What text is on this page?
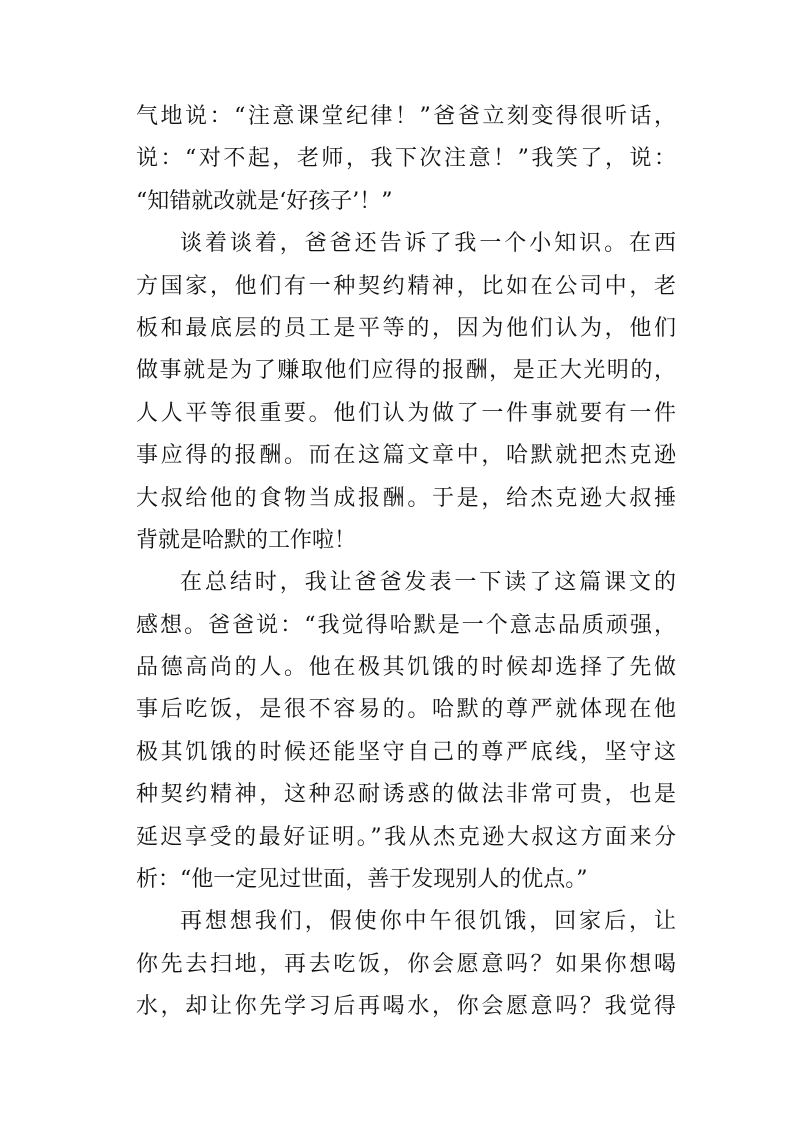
气地说：“注意课堂纪律！”爸爸立刻变得很听话，
说：“对不起，老师，我下次注意！”我笑了，说：
“知错就改就是‘好孩子’！”
谈着谈着，爸爸还告诉了我一个小知识。在西
方国家，他们有一种契约精神，比如在公司中，老
板和最底层的员工是平等的，因为他们认为，他们
做事就是为了赚取他们应得的报酬，是正大光明的，
人人平等很重要。他们认为做了一件事就要有一件
事应得的报酬。而在这篇文章中，哈默就把杰克逊
大叔给他的食物当成报酬。于是，给杰克逊大叔捶
背就是哈默的工作啦！
在总结时，我让爸爸发表一下读了这篇课文的
感想。爸爸说：“我觉得哈默是一个意志品质顽强，
品德高尚的人。他在极其饥饿的时候却选择了先做
事后吃饭，是很不容易的。哈默的尊严就体现在他
极其饥饿的时候还能坚守自己的尊严底线，坚守这
种契约精神，这种忍耐诱惑的做法非常可贵，也是
延迟享受的最好证明。”我从杰克逊大叔这方面来分
析：“他一定见过世面，善于发现别人的优点。”
再想想我们，假使你中午很饥饿，回家后，让
你先去扫地，再去吃饭，你会愿意吗？如果你想喝
水，却让你先学习后再喝水，你会愿意吗？我觉得
